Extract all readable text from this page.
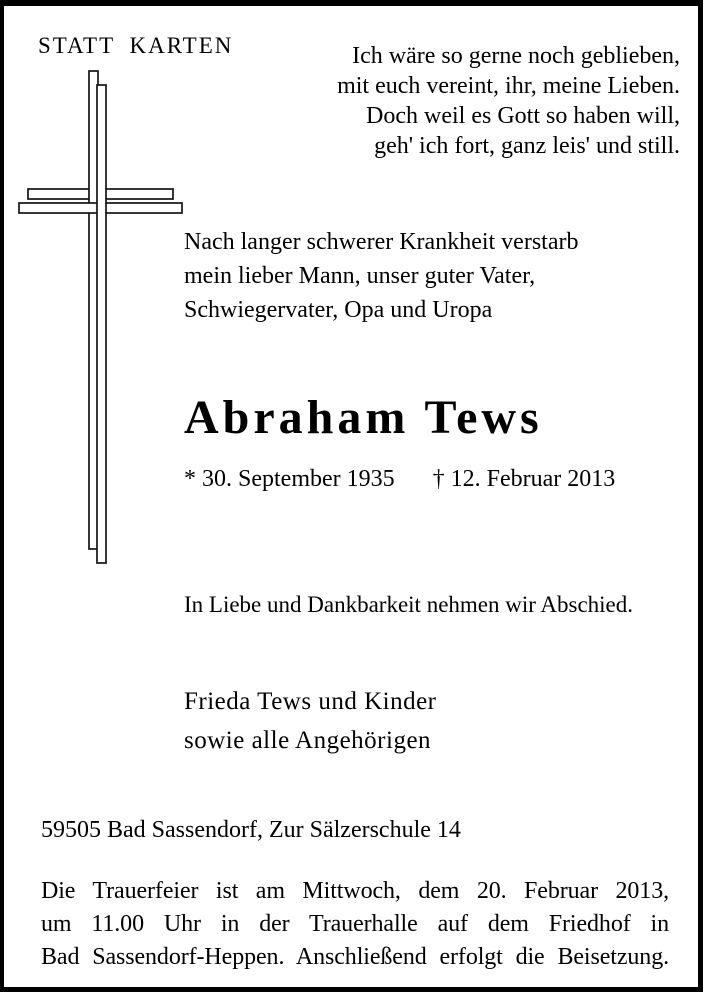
STATT KARTEN	Ich wäre so gerne noch geblieben,
mit euch vereint, ihr, meine Lieben.
Doch weil es Gott so haben will,
geh' ich fort, ganz leis' und still.
Nach langer schwerer Krankheit verstarb
mein lieber Mann, unser guter Vater,
Schwiegervater, Opa und Uropa
Abraham Tews
* 30. September 1935 † 12. Februar 2013
In Liebe und Dankbarkeit nehmen wir Abschied.
Frieda Tews und Kinder
sowie alle Angehörigen
59505 Bad Sassendorf, Zur Sälzerschule 14
Die Trauerfeier ist am Mittwoch, dem 20. Februar 2013,
um 11.00 Uhr in der Trauerhalle auf dem Friedhof in
Bad Sassendorf-Heppen. Anschließend erfolgt die Beisetzung.
